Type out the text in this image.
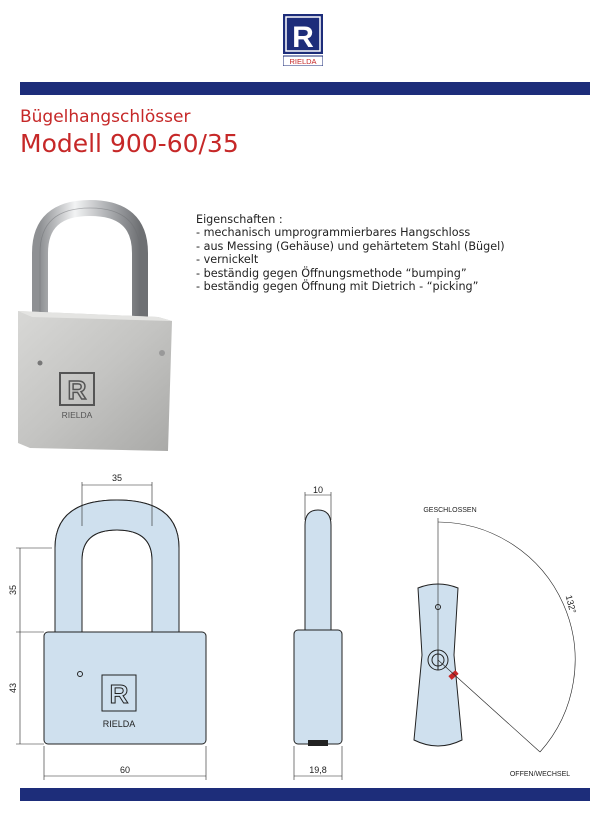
R
RIELDA
Bügelhangschlösser
Modell 900-60/35
R
RIELDA
Eigenschaften :
- mechanisch umprogrammierbares Hangschloss
- aus Messing (Gehäuse) und gehärtetem Stahl (Bügel)
- vernickelt
- beständig gegen Öffnungsmethode “bumping”
- beständig gegen Öffnung mit Dietrich - “picking”
R
RIELDA
35
35
43
60
10
19,8
GESCHLOSSEN
132°
OFFEN/WECHSEL
